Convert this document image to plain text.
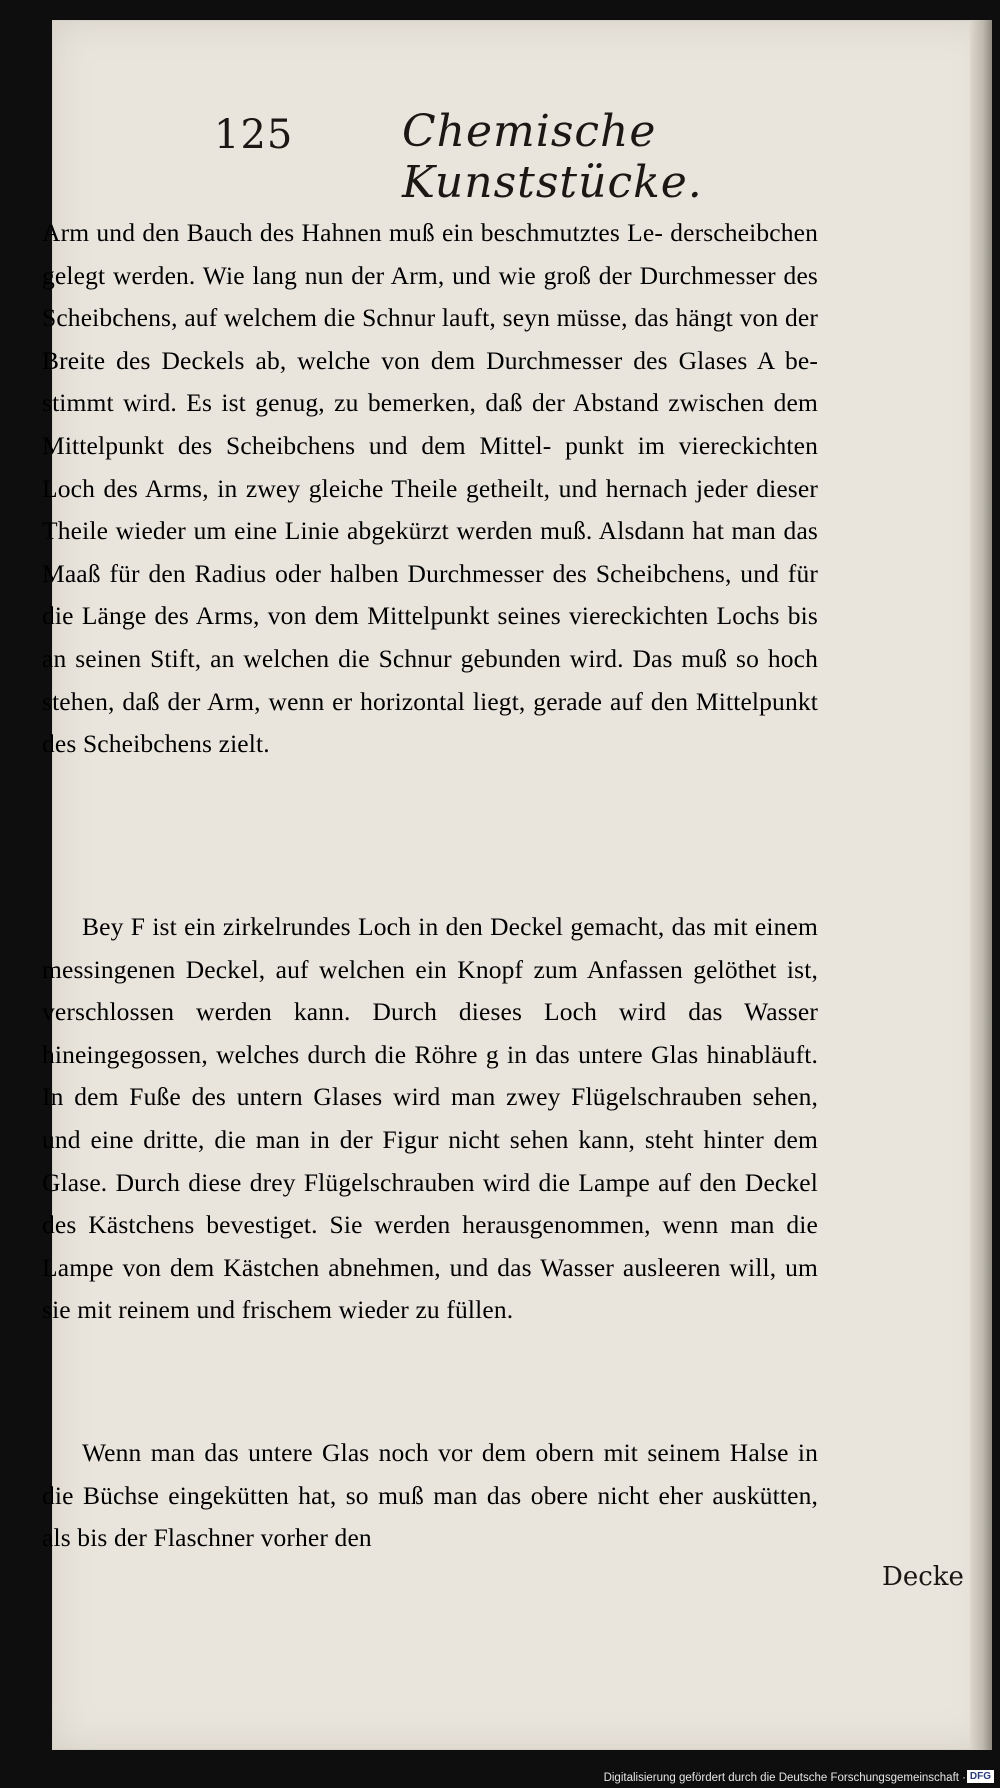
125 Chemische Kunststücke.

Arm und den Bauch des Hahnen muß ein beschmutztes Le- derscheibchen gelegt werden. Wie lang nun der Arm, und wie groß der Durchmesser des Scheibchens, auf welchem die Schnur lauft, seyn müsse, das hängt von der Breite des Deckels ab, welche von dem Durchmesser des Glases A be- stimmt wird. Es ist genug, zu bemerken, daß der Abstand zwischen dem Mittelpunkt des Scheibchens und dem Mittel- punkt im viereckichten Loch des Arms, in zwey gleiche Theile getheilt, und hernach jeder dieser Theile wieder um eine Linie abgekürzt werden muß. Alsdann hat man das Maaß für den Radius oder halben Durchmesser des Scheibchens, und für die Länge des Arms, von dem Mittelpunkt seines viereckichten Lochs bis an seinen Stift, an welchen die Schnur gebunden wird. Das muß so hoch stehen, daß der Arm, wenn er horizontal liegt, gerade auf den Mittelpunkt des Scheibchens zielt.

Bey F ist ein zirkelrundes Loch in den Deckel gemacht, das mit einem messingenen Deckel, auf welchen ein Knopf zum Anfassen gelöthet ist, verschlossen werden kann. Durch dieses Loch wird das Wasser hineingegossen, welches durch die Röhre g in das untere Glas hinabläuft. In dem Fuße des untern Glases wird man zwey Flügelschrauben sehen, und eine dritte, die man in der Figur nicht sehen kann, steht hinter dem Glase. Durch diese drey Flügelschrauben wird die Lampe auf den Deckel des Kästchens bevestiget. Sie werden herausgenommen, wenn man die Lampe von dem Kästchen abnehmen, und das Wasser ausleeren will, um sie mit reinem und frischem wieder zu füllen.

Wenn man das untere Glas noch vor dem obern mit seinem Halse in die Büchse eingekütten hat, so muß man das obere nicht eher auskütten, als bis der Flaschner vorher den

Decke
Digitalisierung gefördert durch die Deutsche Forschungsgemeinschaft · DFG
